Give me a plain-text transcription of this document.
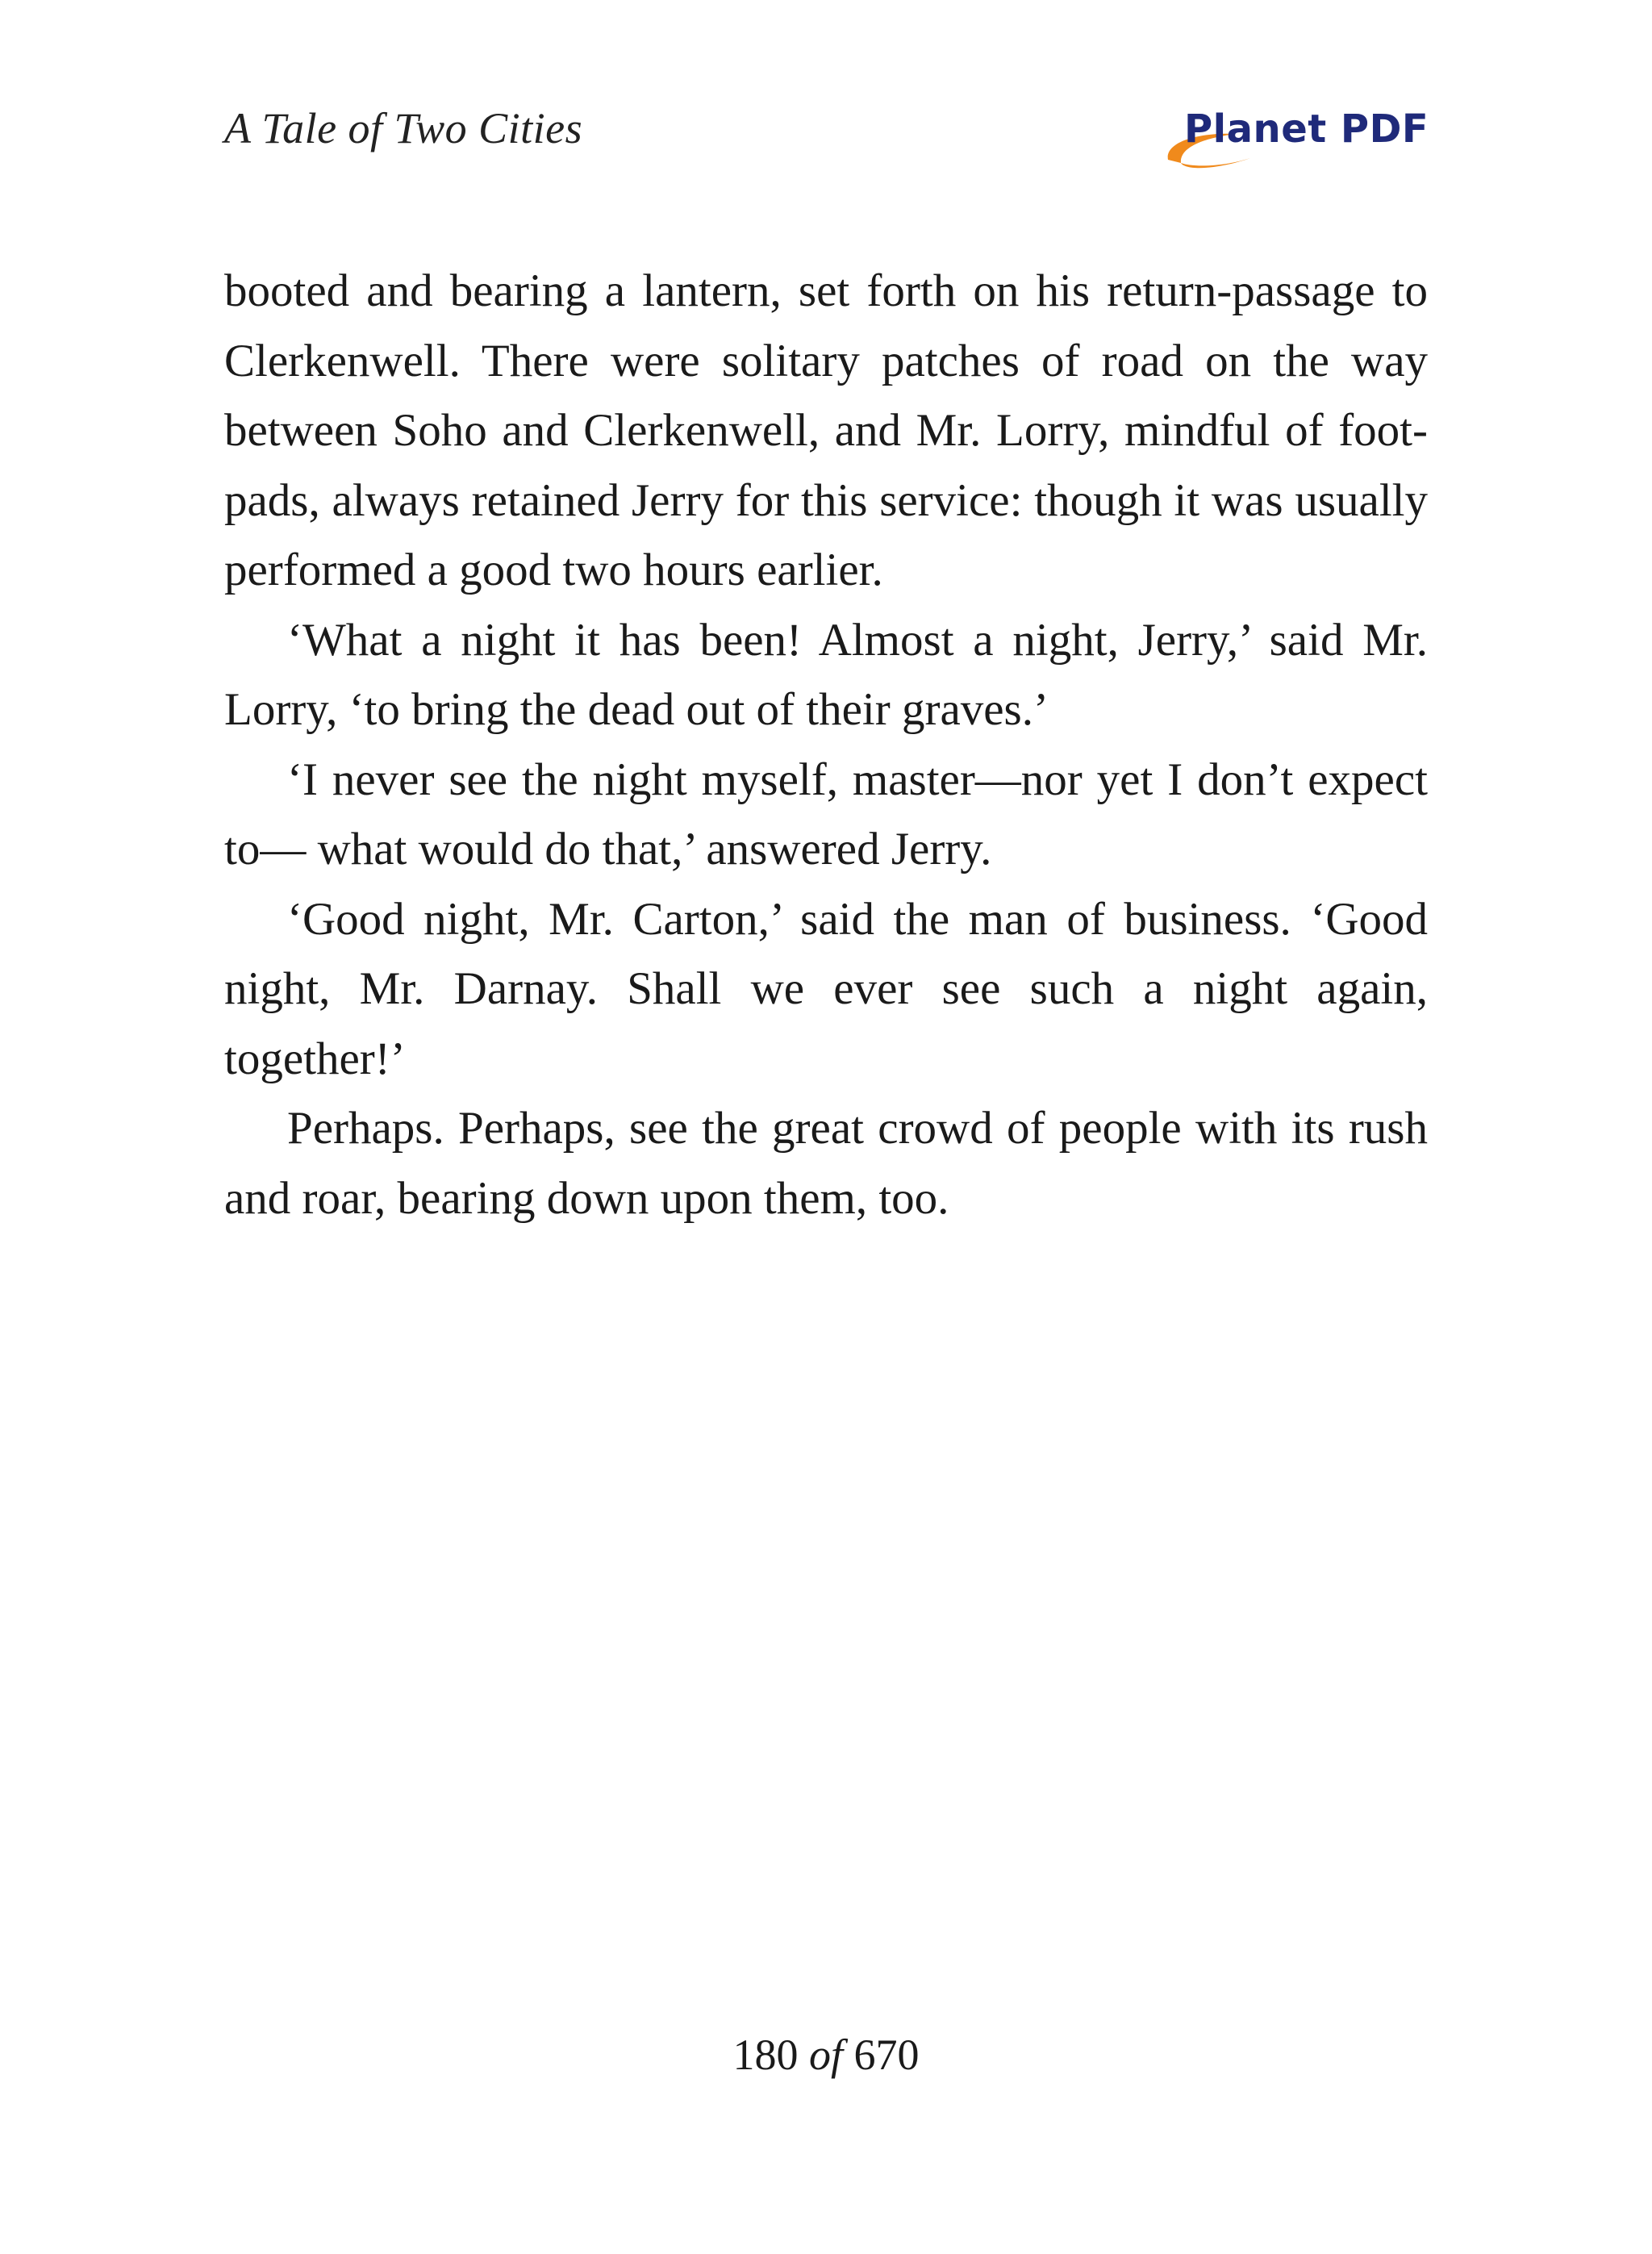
A Tale of Two Cities	Planet PDF

booted and bearing a lantern, set forth on his return-passage to Clerkenwell. There were solitary patches of road on the way between Soho and Clerkenwell, and Mr. Lorry, mindful of foot-pads, always retained Jerry for this service: though it was usually performed a good two hours earlier.

‘What a night it has been! Almost a night, Jerry,’ said Mr. Lorry, ‘to bring the dead out of their graves.’

‘I never see the night myself, master—nor yet I don’t expect to— what would do that,’ answered Jerry.

‘Good night, Mr. Carton,’ said the man of business. ‘Good night, Mr. Darnay. Shall we ever see such a night again, together!’

Perhaps. Perhaps, see the great crowd of people with its rush and roar, bearing down upon them, too.

180 of 670
